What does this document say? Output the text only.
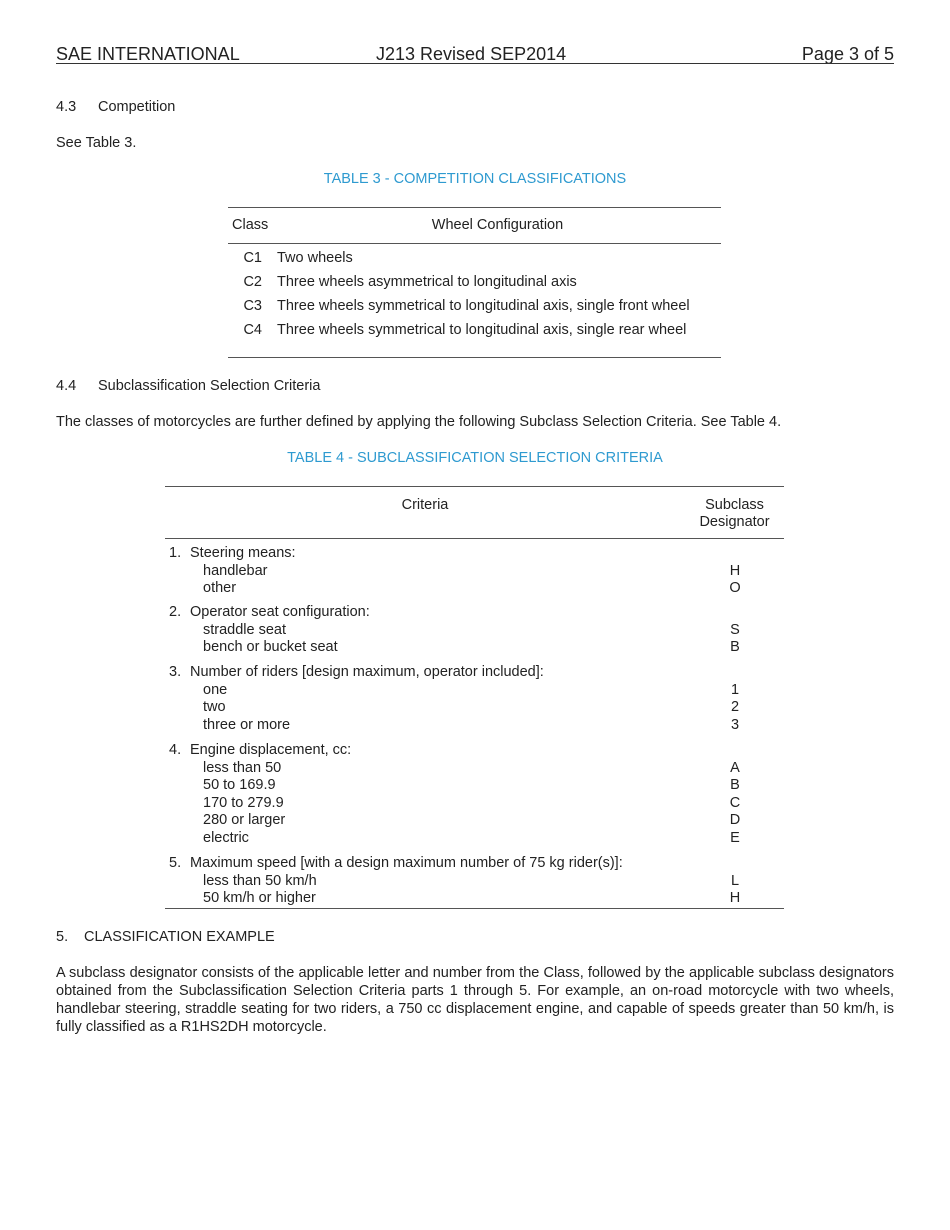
SAE INTERNATIONAL	J213 Revised SEP2014	Page 3 of 5
4.3 Competition
See Table 3.
TABLE 3 - COMPETITION CLASSIFICATIONS
Class	Wheel Configuration
C1 Two wheels
C2 Three wheels asymmetrical to longitudinal axis
C3 Three wheels symmetrical to longitudinal axis, single front wheel
C4 Three wheels symmetrical to longitudinal axis, single rear wheel
4.4 Subclassification Selection Criteria
The classes of motorcycles are further defined by applying the following Subclass Selection Criteria. See Table 4.
TABLE 4 - SUBCLASSIFICATION SELECTION CRITERIA
Criteria	Subclass
Designator
1. Steering means:
handlebar	H
other	O
2. Operator seat configuration:
straddle seat	S
bench or bucket seat	B
3. Number of riders [design maximum, operator included]:
one	1
two	2
three or more	3
4. Engine displacement, cc:
less than 50	A
50 to 169.9	B
170 to 279.9	C
280 or larger	D
electric	E
5. Maximum speed [with a design maximum number of 75 kg rider(s)]:
less than 50 km/h	L
50 km/h or higher	H
5. CLASSIFICATION EXAMPLE
A subclass designator consists of the applicable letter and number from the Class, followed by the applicable subclass designators obtained from the Subclassification Selection Criteria parts 1 through 5. For example, an on-road motorcycle with two wheels, handlebar steering, straddle seating for two riders, a 750 cc displacement engine, and capable of speeds greater than 50 km/h, is fully classified as a R1HS2DH motorcycle.
